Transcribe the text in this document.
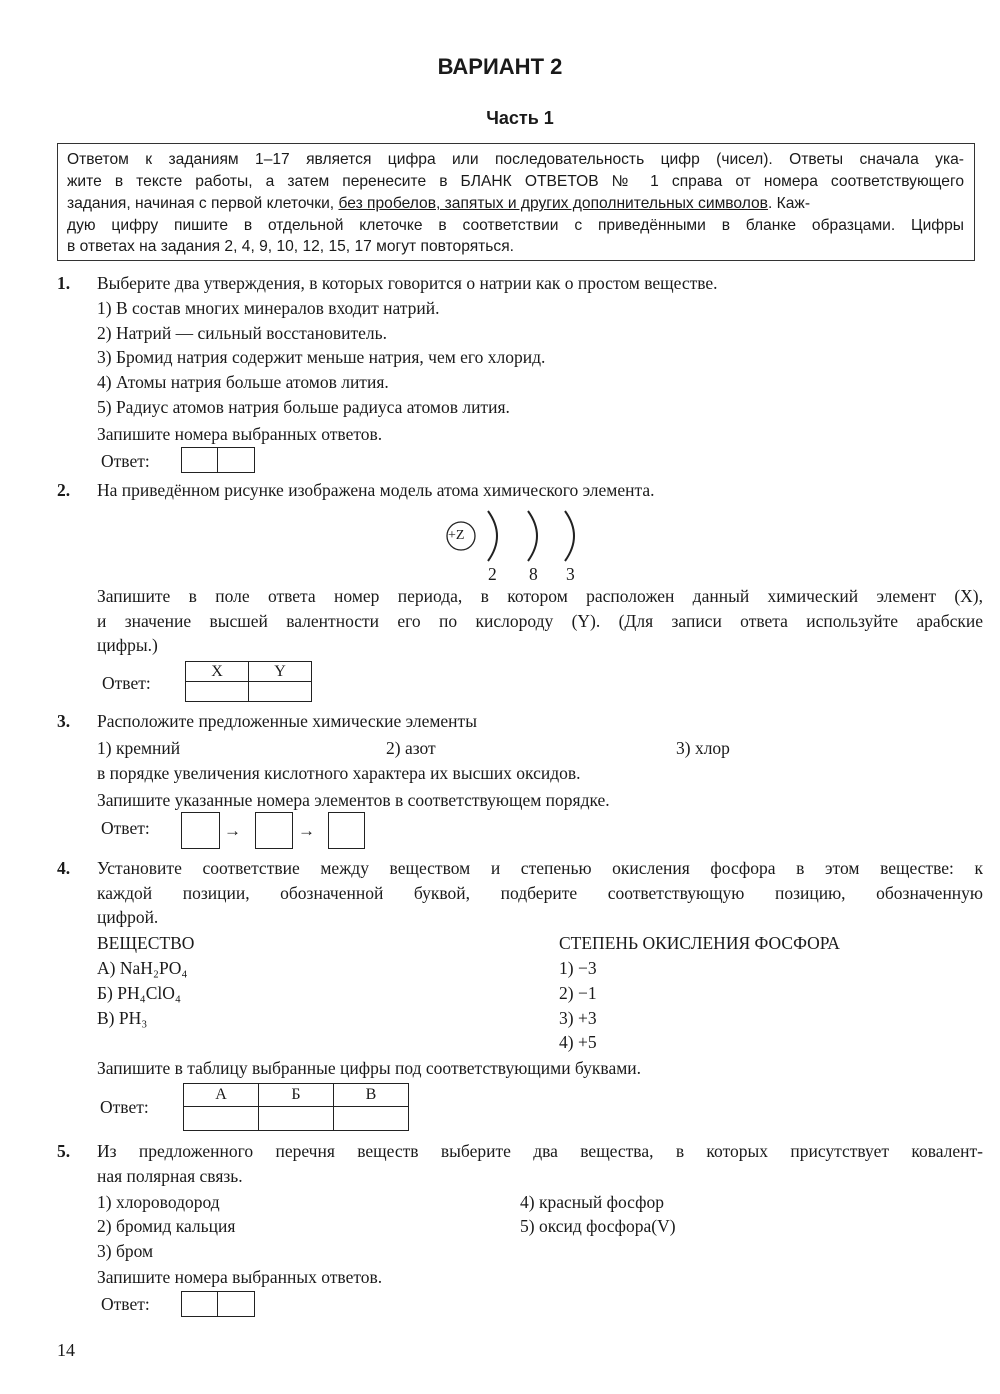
ВАРИАНТ 2
Часть 1
Ответом к заданиям 1–17 является цифра или последовательность цифр (чисел). Ответы сначала ука-
жите в тексте работы, а затем перенесите в БЛАНК ОТВЕТОВ № 1 справа от номера соответствующего
задания, начиная с первой клеточки, без пробелов, запятых и других дополнительных символов. Каж-
дую цифру пишите в отдельной клеточке в соответствии с приведёнными в бланке образцами. Цифры
в ответах на задания 2, 4, 9, 10, 12, 15, 17 могут повторяться.
1. Выберите два утверждения, в которых говорится о натрии как о простом веществе.
1) В состав многих минералов входит натрий.
2) Натрий — сильный восстановитель.
3) Бромид натрия содержит меньше натрия, чем его хлорид.
4) Атомы натрия больше атомов лития.
5) Радиус атомов натрия больше радиуса атомов лития.
Запишите номера выбранных ответов.
Ответ:
2. На приведённом рисунке изображена модель атома химического элемента.
+Z
2 8 3
Запишите в поле ответа номер периода, в котором расположен данный химический элемент (X),
и значение высшей валентности его по кислороду (Y). (Для записи ответа используйте арабские
цифры.)
Ответ:
X	Y

3. Расположите предложенные химические элементы
1) кремний	2) азот	3) хлор
в порядке увеличения кислотного характера их высших оксидов.
Запишите указанные номера элементов в соответствующем порядке.
Ответ:	→	→
4. Установите соответствие между веществом и степенью окисления фосфора в этом веществе: к
каждой позиции, обозначенной буквой, подберите соответствующую позицию, обозначенную
цифрой.
ВЕЩЕСТВО	СТЕПЕНЬ ОКИСЛЕНИЯ ФОСФОРА
А) NaH₂PO₄
Б) PH₄ClO₄
В) PH₃
1) −3
2) −1
3) +3
4) +5
Запишите в таблицу выбранные цифры под соответствующими буквами.
Ответ:
А	Б	В

5. Из предложенного перечня веществ выберите два вещества, в которых присутствует ковалент-
ная полярная связь.
1) хлороводород
2) бромид кальция
3) бром
4) красный фосфор
5) оксид фосфора(V)
Запишите номера выбранных ответов.
Ответ:
14
